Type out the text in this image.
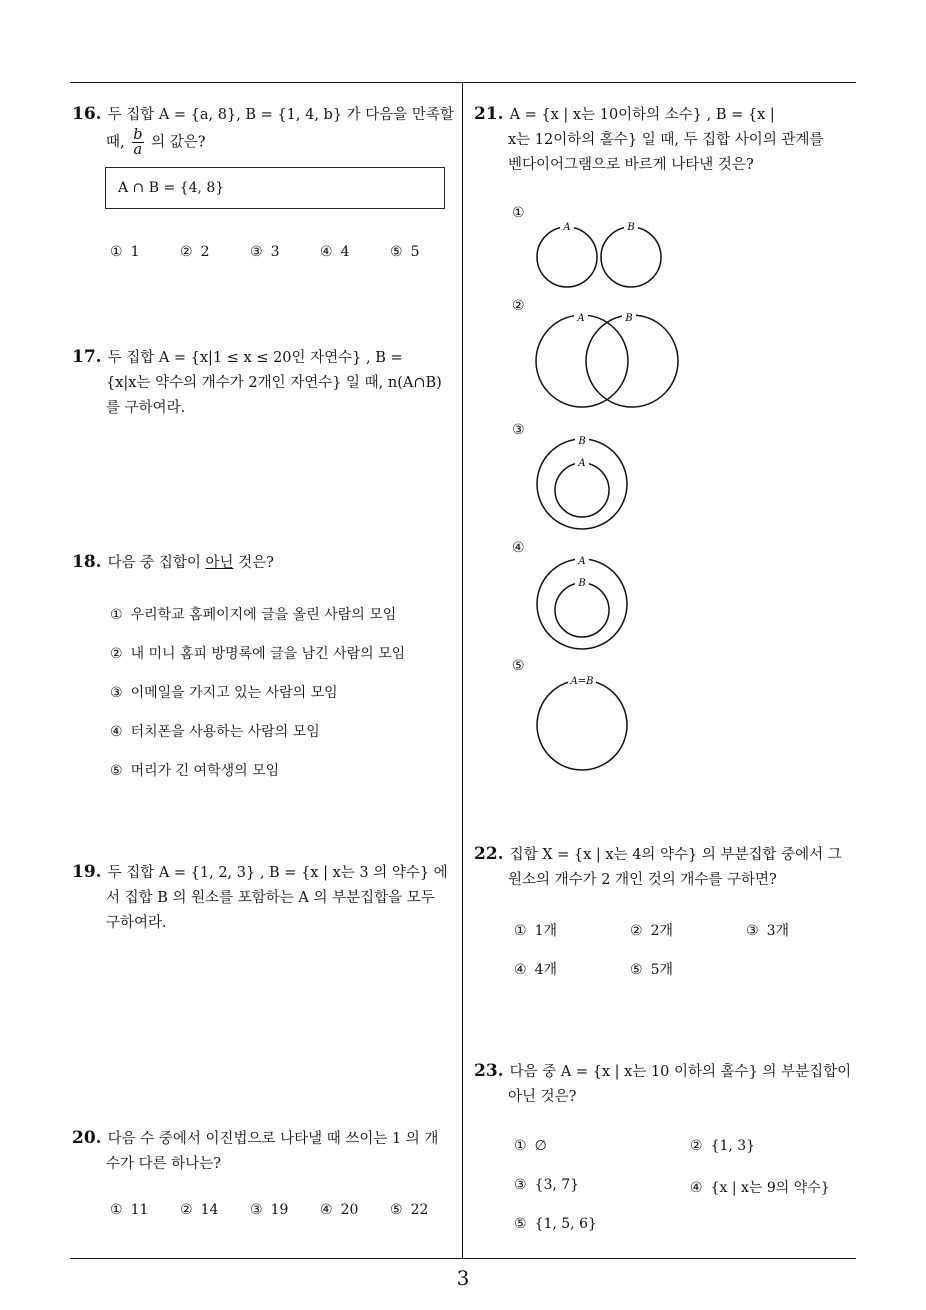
16. 두 집합 A = {a, 8}, B = {1, 4, b} 가 다음을 만족할
때, $\frac{b}{a}$ 의 값은?
A ∩ B = {4, 8}
① 1	② 2	③ 3	④ 4	⑤ 5
17. 두 집합 A = {x|1 ≤ x ≤ 20인 자연수} , B =
{x|x는 약수의 개수가 2개인 자연수} 일 때, n(A∩B)
를 구하여라.
18. 다음 중 집합이 아닌 것은?
① 우리학교 홈페이지에 글을 올린 사람의 모임
② 내 미니 홈피 방명록에 글을 남긴 사람의 모임
③ 이메일을 가지고 있는 사람의 모임
④ 터치폰을 사용하는 사람의 모임
⑤ 머리가 긴 여학생의 모임
19. 두 집합 A = {1, 2, 3} , B = {x | x는 3 의 약수} 에
서 집합 B 의 원소를 포함하는 A 의 부분집합을 모두
구하여라.
20. 다음 수 중에서 이진법으로 나타낼 때 쓰이는 1 의 개
수가 다른 하나는?
① 11 ② 14 ③ 19 ④ 20 ⑤ 22
21. A = {x | x는 10이하의 소수} , B = {x |
x는 12이하의 홀수} 일 때, 두 집합 사이의 관계를
벤다이어그램으로 바르게 나타낸 것은?
①
A	B
②
A	B
③
B
A
④
A
B
⑤
A=B
22. 집합 X = {x | x는 4의 약수} 의 부분집합 중에서 그
원소의 개수가 2 개인 것의 개수를 구하면?
① 1개	② 2개	③ 3개
④ 4개	⑤ 5개
23. 다음 중 A = {x | x는 10 이하의 홀수} 의 부분집합이
아닌 것은?
① ∅	② {1, 3}
③ {3, 7}	④ {x | x는 9의 약수}
⑤ {1, 5, 6}
3
